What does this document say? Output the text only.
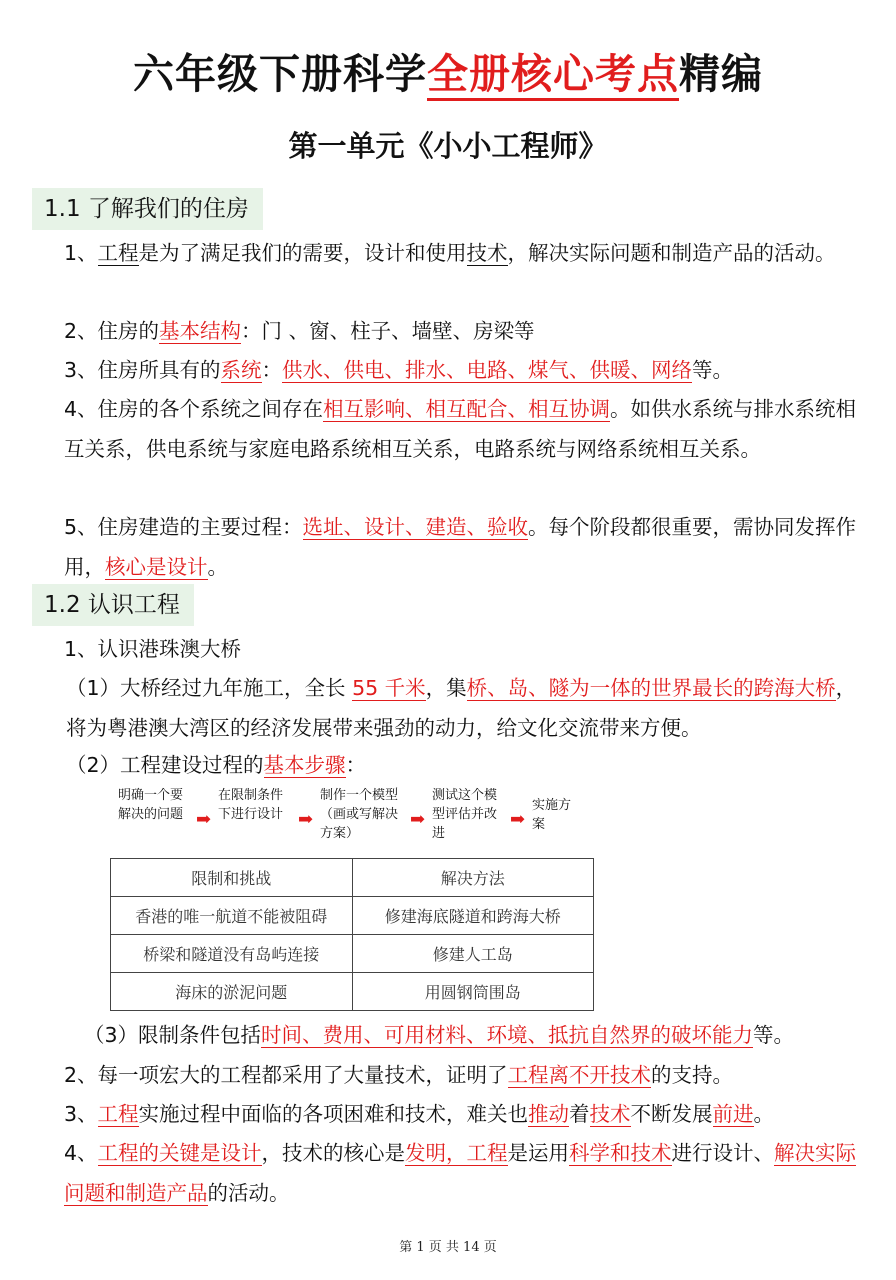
六年级下册科学全册核心考点精编
第一单元《小小工程师》
1.1 了解我们的住房
1、工程是为了满足我们的需要，设计和使用技术，解决实际问题和制造产品的活动。
2、住房的基本结构：门 、窗、柱子、墙壁、房梁等
3、住房所具有的系统：供水、供电、排水、电路、煤气、供暖、网络等。
4、住房的各个系统之间存在相互影响、相互配合、相互协调。如供水系统与排水系统相互关系，供电系统与家庭电路系统相互关系，电路系统与网络系统相互关系。
5、住房建造的主要过程：选址、设计、建造、验收。每个阶段都很重要，需协同发挥作用，核心是设计。
1.2 认识工程
1、认识港珠澳大桥
（1）大桥经过九年施工，全长 55 千米，集桥、岛、隧为一体的世界最长的跨海大桥，将为粤港澳大湾区的经济发展带来强劲的动力，给文化交流带来方便。
（2）工程建设过程的基本步骤：
明确一个要解决的问题 ➡
在限制条件下进行设计 ➡
制作一个模型（画或写解决方案）
➡
测试这个模型评估并改进
➡
实施方案
限制和挑战	解决方法
香港的唯一航道不能被阻碍	修建海底隧道和跨海大桥
桥梁和隧道没有岛屿连接	修建人工岛
海床的淤泥问题	用圆钢筒围岛
（3）限制条件包括时间、费用、可用材料、环境、抵抗自然界的破坏能力等。
2、每一项宏大的工程都采用了大量技术，证明了工程离不开技术的支持。
3、工程实施过程中面临的各项困难和技术，难关也推动着技术不断发展前进。
4、工程的关键是设计，技术的核心是发明，工程是运用科学和技术进行设计、解决实际问题和制造产品的活动。
第 1 页 共 14 页
